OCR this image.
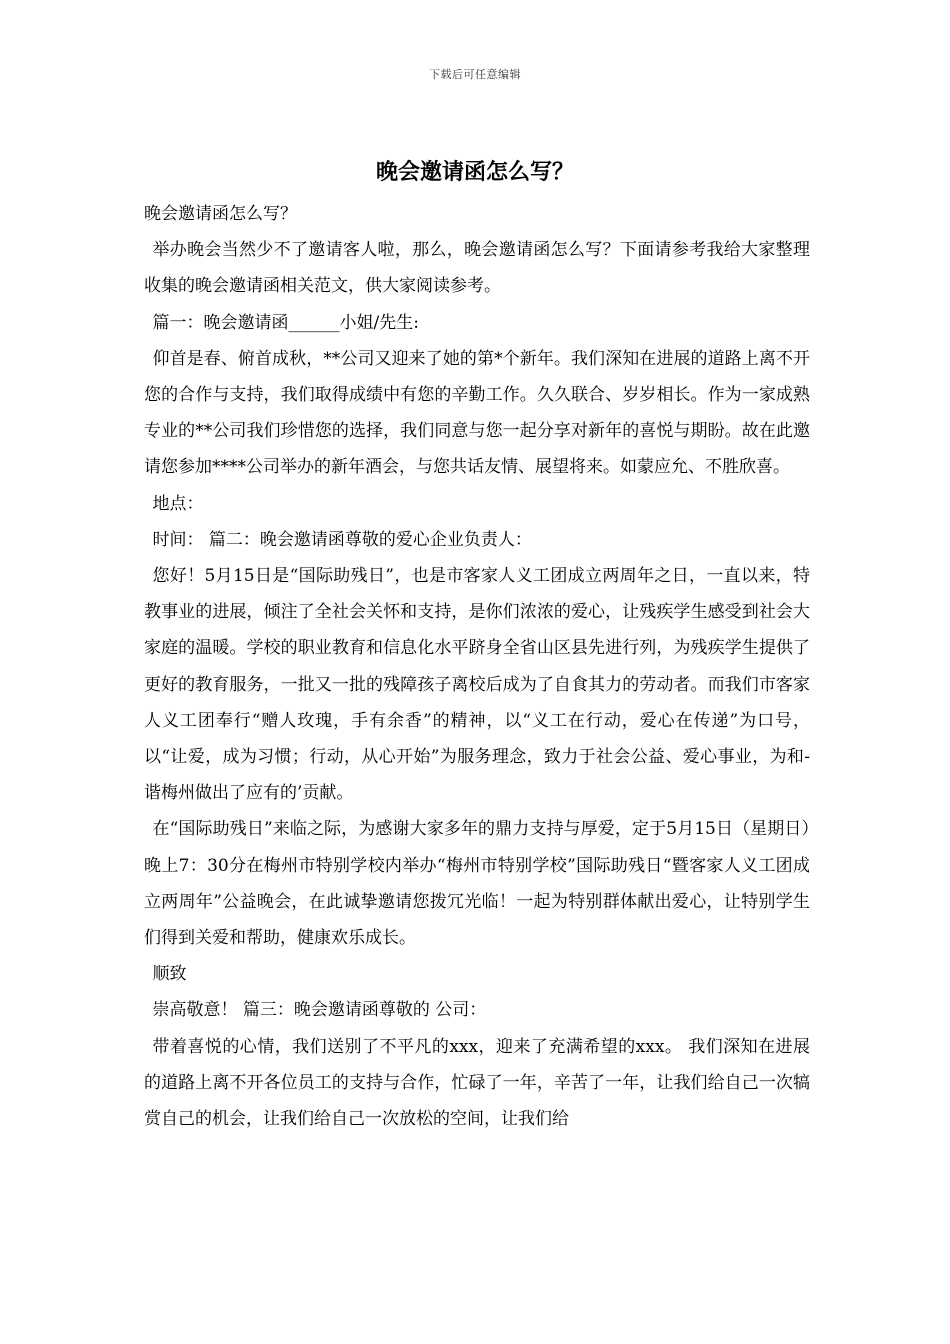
下载后可任意编辑
晚会邀请函怎么写？

晚会邀请函怎么写？

举办晚会当然少不了邀请客人啦，那么，晚会邀请函怎么写？下面请参考我给大家整理收集的晚会邀请函相关范文，供大家阅读参考。

篇一：晚会邀请函______小姐/先生:

仰首是春、俯首成秋，**公司又迎来了她的第*个新年。我们深知在进展的道路上离不开您的合作与支持，我们取得成绩中有您的辛勤工作。久久联合、岁岁相长。作为一家成熟专业的**公司我们珍惜您的选择，我们同意与您一起分享对新年的喜悦与期盼。故在此邀请您参加****公司举办的新年酒会，与您共话友情、展望将来。如蒙应允、不胜欣喜。

地点：

时间： 篇二：晚会邀请函尊敬的爱心企业负责人：

您好！5月15日是“国际助残日”，也是市客家人义工团成立两周年之日，一直以来，特教事业的进展，倾注了全社会关怀和支持，是你们浓浓的爱心，让残疾学生感受到社会大家庭的温暖。学校的职业教育和信息化水平跻身全省山区县先进行列，为残疾学生提供了更好的教育服务，一批又一批的残障孩子离校后成为了自食其力的劳动者。而我们市客家人义工团奉行“赠人玫瑰，手有余香”的精神，以“义工在行动，爱心在传递”为口号，以“让爱，成为习惯；行动，从心开始”为服务理念，致力于社会公益、爱心事业，为和-谐梅州做出了应有的’贡献。

在“国际助残日”来临之际，为感谢大家多年的鼎力支持与厚爱，定于5月15日（星期日）晚上7：30分在梅州市特别学校内举办“梅州市特别学校”国际助残日“暨客家人义工团成立两周年”公益晚会，在此诚挚邀请您拨冗光临！一起为特别群体献出爱心，让特别学生们得到关爱和帮助，健康欢乐成长。

顺致

崇高敬意！ 篇三：晚会邀请函尊敬的 公司：

带着喜悦的心情，我们送别了不平凡的xxx，迎来了充满希望的xxx。 我们深知在进展的道路上离不开各位员工的支持与合作，忙碌了一年，辛苦了一年，让我们给自己一次犒赏自己的机会，让我们给自己一次放松的空间，让我们给
